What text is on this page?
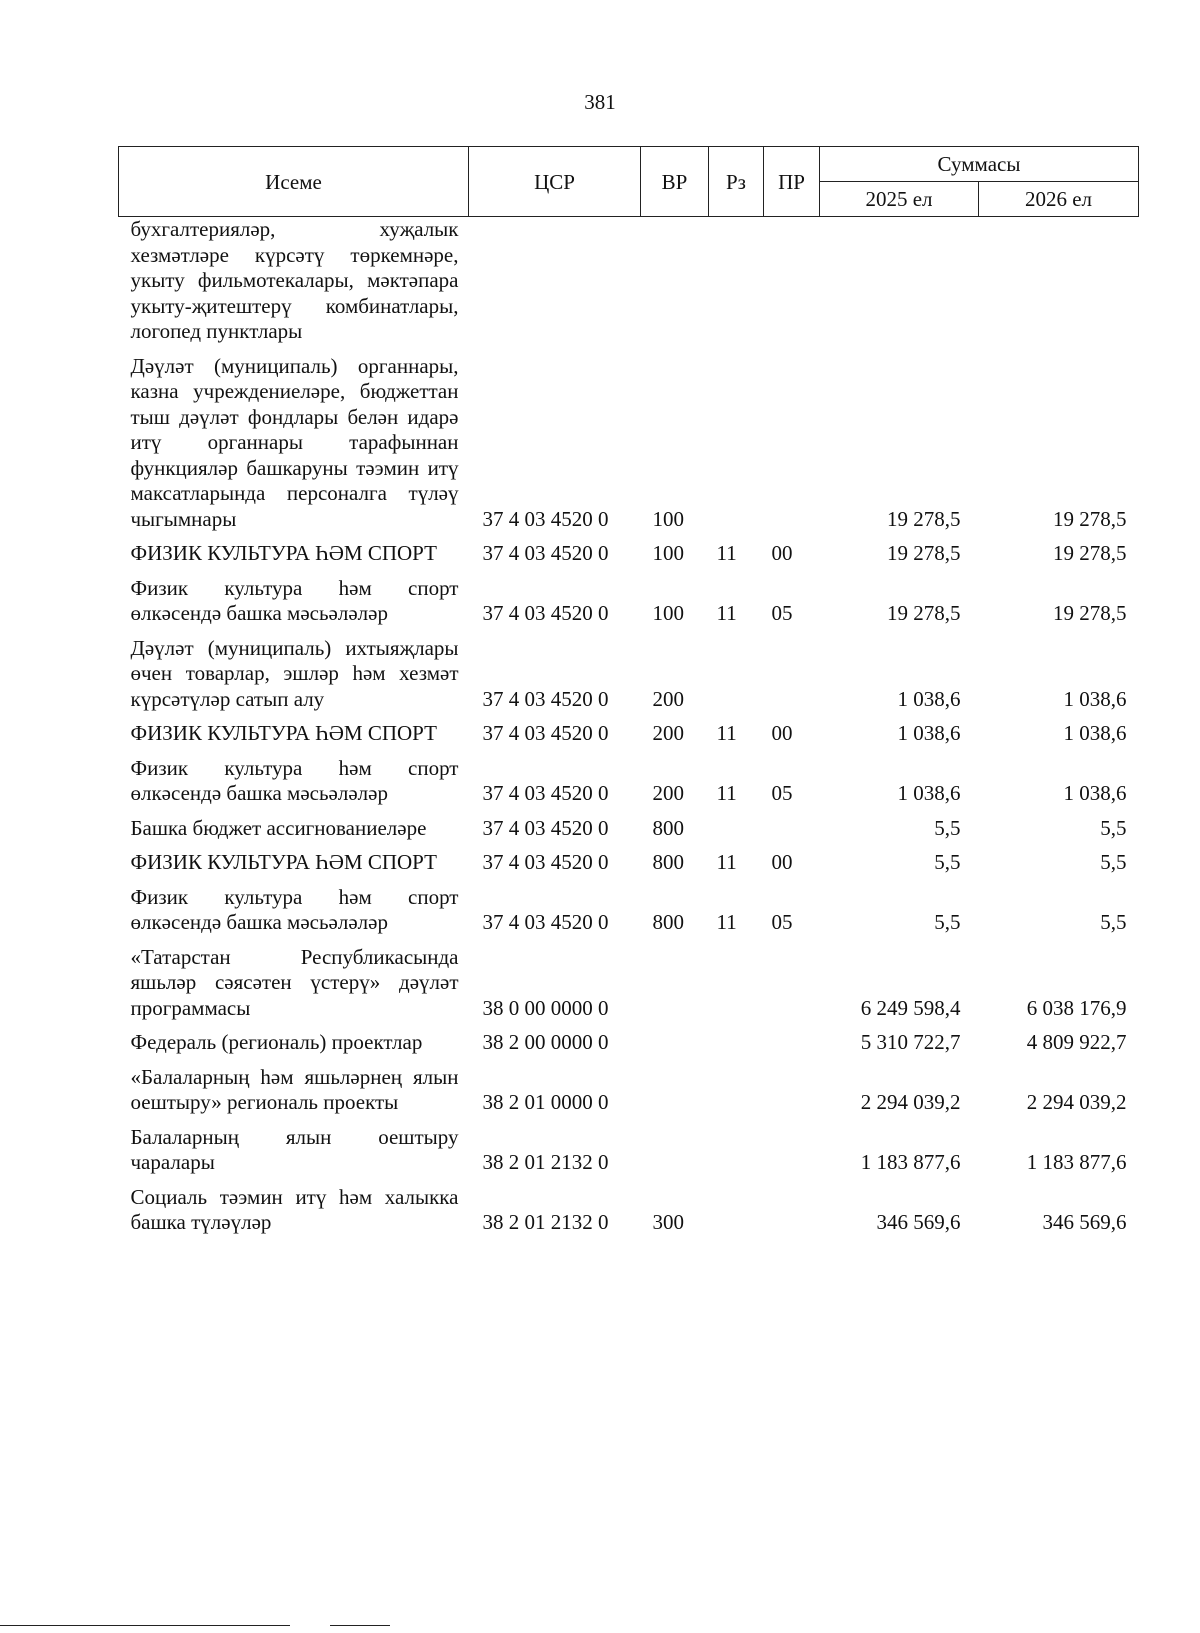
381
Исеме	ЦСР	ВР	Рз	ПР	Суммасы	
					2025 ел	2026 ел
бухгалтерияләр, хуҗалык хезмәтләре күрсәтү төркемнәре, укыту фильмотекалары, мәктәпара укыту-җитештерү комбинатлары, логопед пунктлары						
Дәүләт (муниципаль) органнары, казна учреждениеләре, бюджеттан тыш дәүләт фондлары белән идарә итү органнары тарафыннан функцияләр башкаруны тәэмин итү максатларында персоналга түләү чыгымнары	37 4 03 4520 0	100			19 278,5	19 278,5
ФИЗИК КУЛЬТУРА ҺӘМ СПОРТ	37 4 03 4520 0	100	11	00	19 278,5	19 278,5
Физик культура һәм спорт өлкәсендә башка мәсьәләләр	37 4 03 4520 0	100	11	05	19 278,5	19 278,5
Дәүләт (муниципаль) ихтыяҗлары өчен товарлар, эшләр һәм хезмәт күрсәтүләр сатып алу	37 4 03 4520 0	200			1 038,6	1 038,6
ФИЗИК КУЛЬТУРА ҺӘМ СПОРТ	37 4 03 4520 0	200	11	00	1 038,6	1 038,6
Физик культура һәм спорт өлкәсендә башка мәсьәләләр	37 4 03 4520 0	200	11	05	1 038,6	1 038,6
Башка бюджет ассигнованиеләре	37 4 03 4520 0	800			5,5	5,5
ФИЗИК КУЛЬТУРА ҺӘМ СПОРТ	37 4 03 4520 0	800	11	00	5,5	5,5
Физик культура һәм спорт өлкәсендә башка мәсьәләләр	37 4 03 4520 0	800	11	05	5,5	5,5
«Татарстан Республикасында яшьләр сәясәтен үстерү» дәүләт программасы	38 0 00 0000 0				6 249 598,4	6 038 176,9
Федераль (региональ) проектлар	38 2 00 0000 0				5 310 722,7	4 809 922,7
«Балаларның һәм яшьләрнең ялын оештыру» региональ проекты	38 2 01 0000 0				2 294 039,2	2 294 039,2
Балаларның ялын оештыру чаралары	38 2 01 2132 0				1 183 877,6	1 183 877,6
Социаль тәэмин итү һәм халыкка башка түләүләр	38 2 01 2132 0	300			346 569,6	346 569,6
